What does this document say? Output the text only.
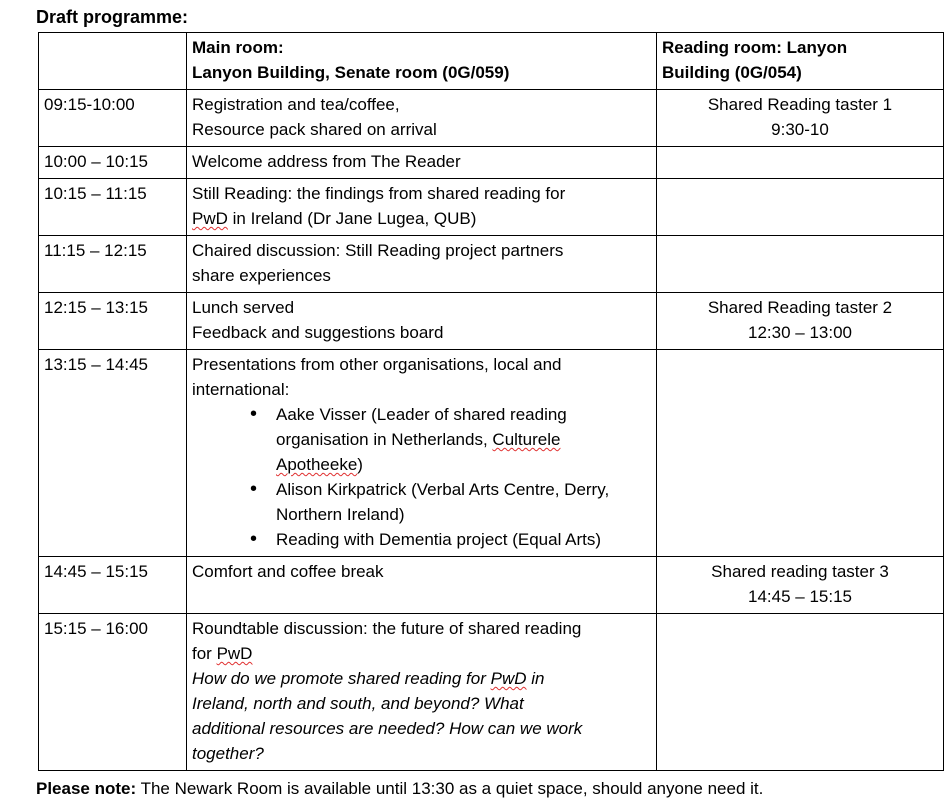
Draft programme:

	Main room:
Lanyon Building, Senate room (0G/059)	Reading room: Lanyon
Building (0G/054)

09:15-10:00	Registration and tea/coffee,
Resource pack shared on arrival	Shared Reading taster 1
9:30-10

10:00 – 10:15	Welcome address from The Reader	

10:15 – 11:15	Still Reading: the findings from shared reading for
PwD in Ireland (Dr Jane Lugea, QUB)	

11:15 – 12:15	Chaired discussion: Still Reading project partners
share experiences	

12:15 – 13:15	Lunch served
Feedback and suggestions board	Shared Reading taster 2
12:30 – 13:00

13:15 – 14:45	Presentations from other organisations, local and
international:
• Aake Visser (Leader of shared reading organisation in Netherlands, Culturele Apotheeke)
• Alison Kirkpatrick (Verbal Arts Centre, Derry, Northern Ireland)
• Reading with Dementia project (Equal Arts)

14:45 – 15:15	Comfort and coffee break	Shared reading taster 3
14:45 – 15:15

15:15 – 16:00	Roundtable discussion: the future of shared reading
for PwD
How do we promote shared reading for PwD in
Ireland, north and south, and beyond? What
additional resources are needed? How can we work
together?

Please note: The Newark Room is available until 13:30 as a quiet space, should anyone need it.
